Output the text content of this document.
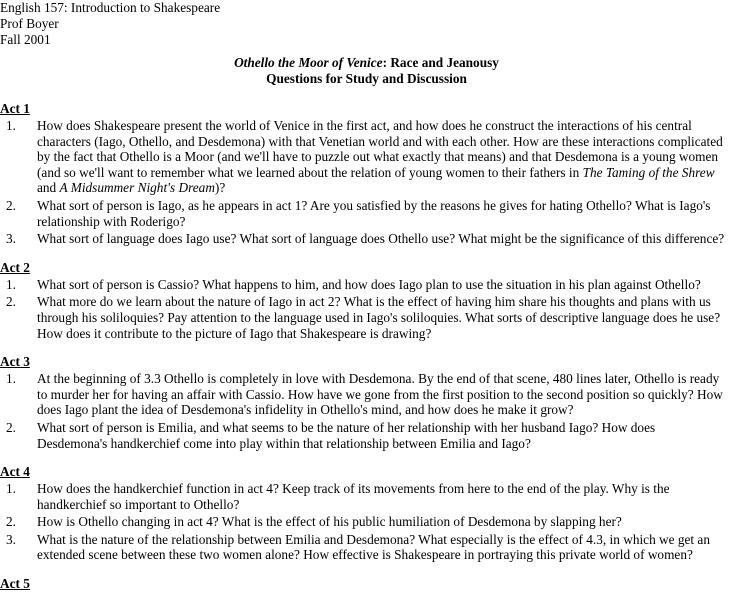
English 157: Introduction to Shakespeare
Prof Boyer
Fall 2001
Othello the Moor of Venice: Race and Jeanousy
Questions for Study and Discussion
Act 1
1. How does Shakespeare present the world of Venice in the first act, and how does he construct the interactions of his central characters (Iago, Othello, and Desdemona) with that Venetian world and with each other. How are these interactions complicated by the fact that Othello is a Moor (and we'll have to puzzle out what exactly that means) and that Desdemona is a young women (and so we'll want to remember what we learned about the relation of young women to their fathers in The Taming of the Shrew and A Midsummer Night's Dream)?
2. What sort of person is Iago, as he appears in act 1? Are you satisfied by the reasons he gives for hating Othello? What is Iago's relationship with Roderigo?
3. What sort of language does Iago use? What sort of language does Othello use? What might be the significance of this difference?
Act 2
1. What sort of person is Cassio? What happens to him, and how does Iago plan to use the situation in his plan against Othello?
2. What more do we learn about the nature of Iago in act 2? What is the effect of having him share his thoughts and plans with us through his soliloquies? Pay attention to the language used in Iago's soliloquies. What sorts of descriptive language does he use? How does it contribute to the picture of Iago that Shakespeare is drawing?
Act 3
1. At the beginning of 3.3 Othello is completely in love with Desdemona. By the end of that scene, 480 lines later, Othello is ready to murder her for having an affair with Cassio. How have we gone from the first position to the second position so quickly? How does Iago plant the idea of Desdemona's infidelity in Othello's mind, and how does he make it grow?
2. What sort of person is Emilia, and what seems to be the nature of her relationship with her husband Iago? How does Desdemona's handkerchief come into play within that relationship between Emilia and Iago?
Act 4
1. How does the handkerchief function in act 4? Keep track of its movements from here to the end of the play. Why is the handkerchief so important to Othello?
2. How is Othello changing in act 4? What is the effect of his public humiliation of Desdemona by slapping her?
3. What is the nature of the relationship between Emilia and Desdemona? What especially is the effect of 4.3, in which we get an extended scene between these two women alone? How effective is Shakespeare in portraying this private world of women?
Act 5
